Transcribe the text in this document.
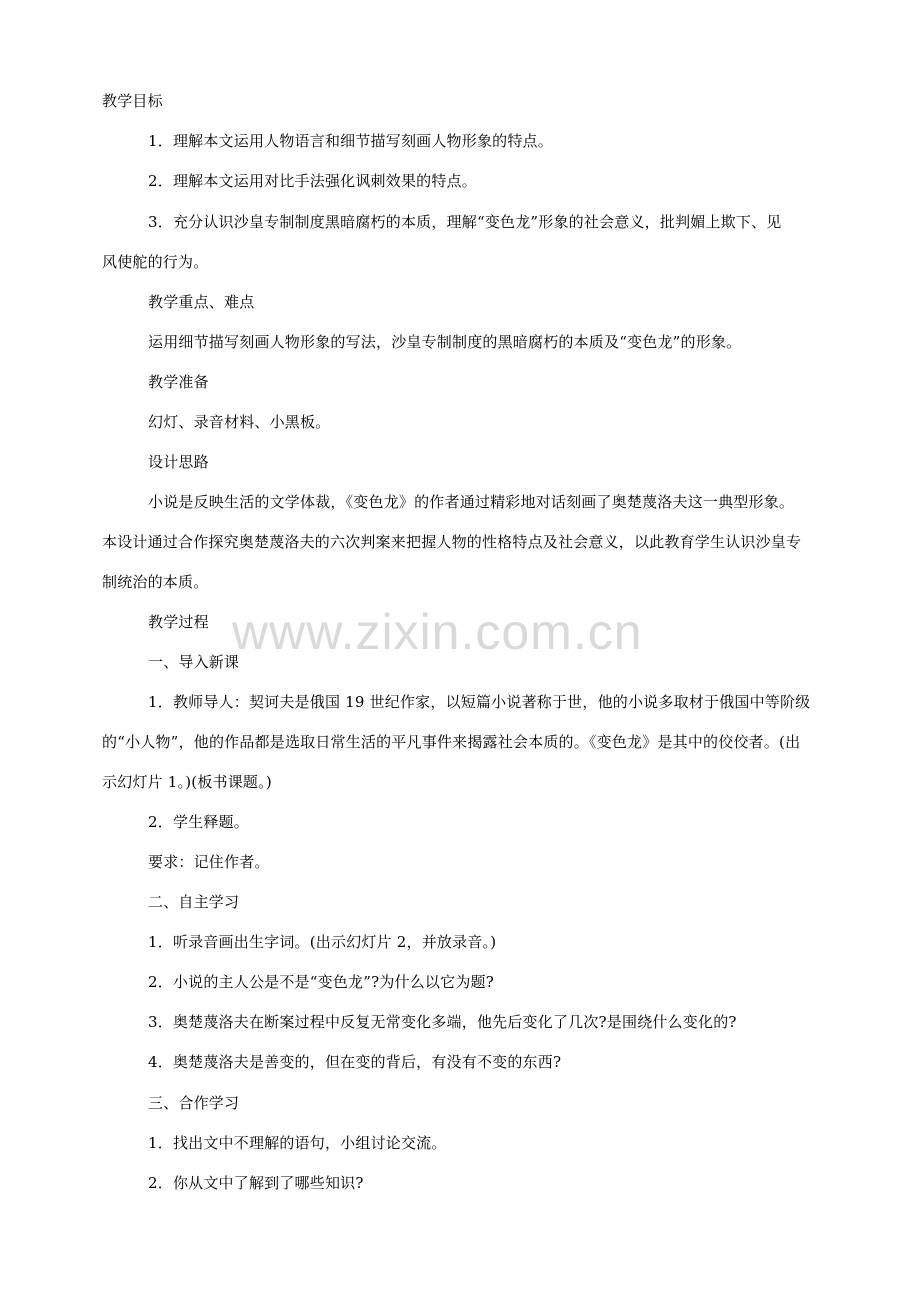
www.zixin.com.cn
教学目标
1．理解本文运用人物语言和细节描写刻画人物形象的特点。
2．理解本文运用对比手法强化讽刺效果的特点。
3．充分认识沙皇专制制度黑暗腐朽的本质，理解“变色龙”形象的社会意义，批判媚上欺下、见
风使舵的行为。
教学重点、难点
运用细节描写刻画人物形象的写法，沙皇专制制度的黑暗腐朽的本质及“变色龙”的形象。
教学准备
幻灯、录音材料、小黑板。
设计思路
小说是反映生活的文学体裁，《变色龙》的作者通过精彩地对话刻画了奥楚蔑洛夫这一典型形象。
本设计通过合作探究奥楚蔑洛夫的六次判案来把握人物的性格特点及社会意义，以此教育学生认识沙皇专
制统治的本质。
教学过程
一、导入新课
1．教师导人：契诃夫是俄国 19 世纪作家，以短篇小说著称于世，他的小说多取材于俄国中等阶级
的“小人物”，他的作品都是选取日常生活的平凡事件来揭露社会本质的。《变色龙》是其中的佼佼者。(出
示幻灯片 1。)(板书课题。)
2．学生释题。
要求：记住作者。
二、自主学习
1．听录音画出生字词。(出示幻灯片 2，并放录音。)
2．小说的主人公是不是“变色龙”?为什么以它为题?
3．奥楚蔑洛夫在断案过程中反复无常变化多端，他先后变化了几次?是围绕什么变化的?
4．奥楚蔑洛夫是善变的，但在变的背后，有没有不变的东西?
三、合作学习
1．找出文中不理解的语句，小组讨论交流。
2．你从文中了解到了哪些知识?
